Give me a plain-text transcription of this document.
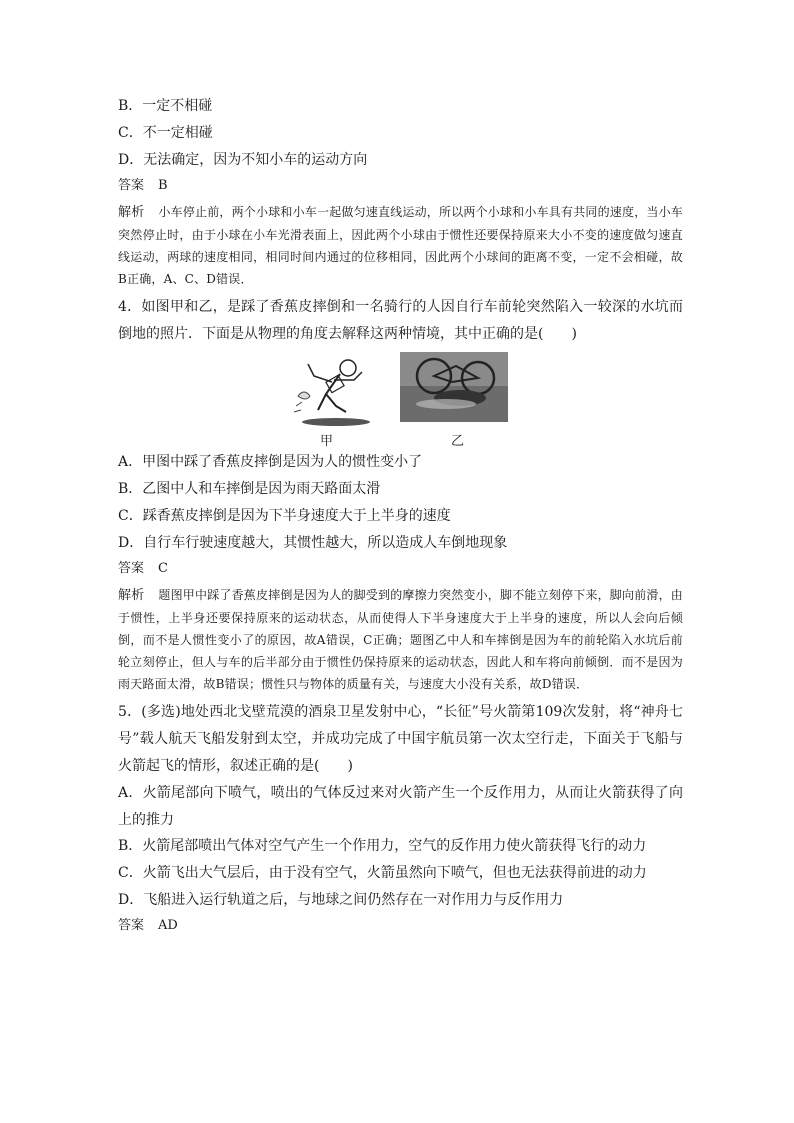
B．一定不相碰
C．不一定相碰
D．无法确定，因为不知小车的运动方向
答案 B
解析 小车停止前，两个小球和小车一起做匀速直线运动，所以两个小球和小车具有共同的速度，当小车突然停止时，由于小球在小车光滑表面上，因此两个小球由于惯性还要保持原来大小不变的速度做匀速直线运动，两球的速度相同，相同时间内通过的位移相同，因此两个小球间的距离不变，一定不会相碰，故B正确，A、C、D错误．

4．如图甲和乙，是踩了香蕉皮摔倒和一名骑行的人因自行车前轮突然陷入一较深的水坑而倒地的照片．下面是从物理的角度去解释这两种情境，其中正确的是(　　)

甲	乙
A．甲图中踩了香蕉皮摔倒是因为人的惯性变小了
B．乙图中人和车摔倒是因为雨天路面太滑
C．踩香蕉皮摔倒是因为下半身速度大于上半身的速度
D．自行车行驶速度越大，其惯性越大，所以造成人车倒地现象
答案 C
解析 题图甲中踩了香蕉皮摔倒是因为人的脚受到的摩擦力突然变小，脚不能立刻停下来，脚向前滑，由于惯性，上半身还要保持原来的运动状态，从而使得人下半身速度大于上半身的速度，所以人会向后倾倒，而不是人惯性变小了的原因，故A错误，C正确；题图乙中人和车摔倒是因为车的前轮陷入水坑后前轮立刻停止，但人与车的后半部分由于惯性仍保持原来的运动状态，因此人和车将向前倾倒．而不是因为雨天路面太滑，故B错误；惯性只与物体的质量有关，与速度大小没有关系，故D错误．

5．(多选)地处西北戈壁荒漠的酒泉卫星发射中心，“长征”号火箭第109次发射，将“神舟七号”载人航天飞船发射到太空，并成功完成了中国宇航员第一次太空行走，下面关于飞船与火箭起飞的情形，叙述正确的是(　　)

A．火箭尾部向下喷气，喷出的气体反过来对火箭产生一个反作用力，从而让火箭获得了向上的推力

B．火箭尾部喷出气体对空气产生一个作用力，空气的反作用力使火箭获得飞行的动力
C．火箭飞出大气层后，由于没有空气，火箭虽然向下喷气，但也无法获得前进的动力
D．飞船进入运行轨道之后，与地球之间仍然存在一对作用力与反作用力
答案 AD
